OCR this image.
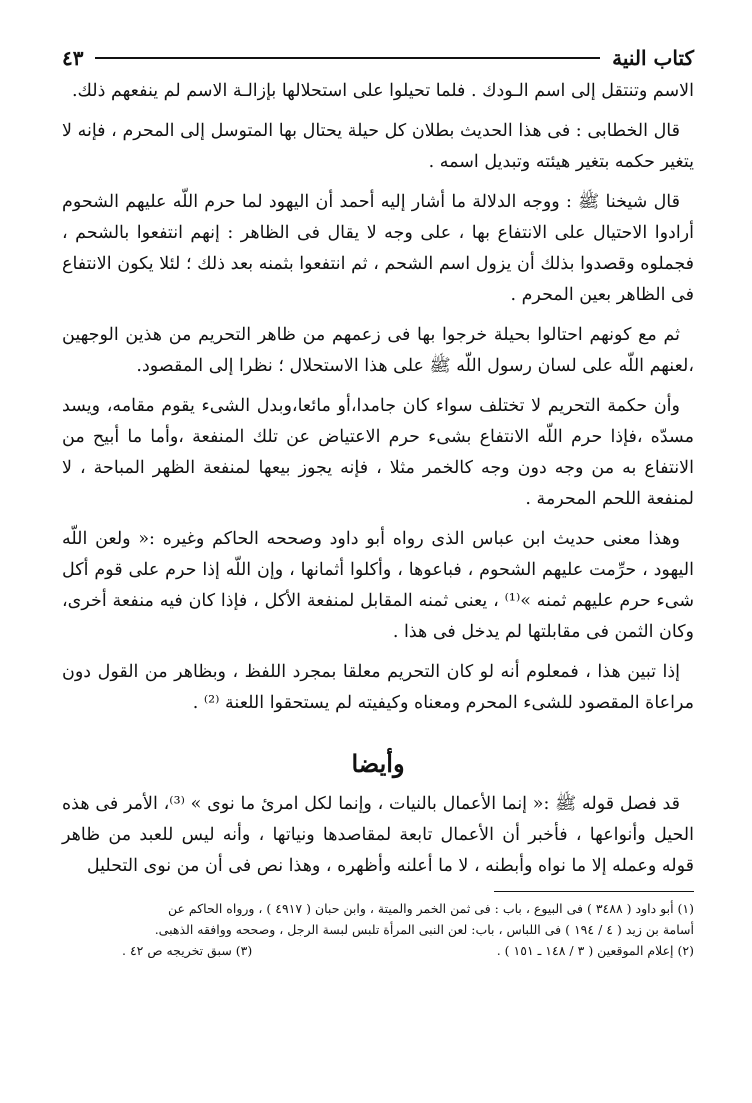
كتاب النية
٤٣

الاسم وتنتقل إلى اسم الـودك . فلما تحيلوا على استحلالها بإزالـة الاسم لم ينفعهم ذلك.

قال الخطابى : فى هذا الحديث بطلان كل حيلة يحتال بها المتوسل إلى المحرم ، فإنه لا يتغير حكمه بتغير هيئته وتبديل اسمه .

قال شيخنا ﷺ : ووجه الدلالة ما أشار إليه أحمد أن اليهود لما حرم اللّه عليهم الشحوم أرادوا الاحتيال على الانتفاع بها ، على وجه لا يقال فى الظاهر : إنهم انتفعوا بالشحم ، فجملوه وقصدوا بذلك أن يزول اسم الشحم ، ثم انتفعوا بثمنه بعد ذلك ؛ لئلا يكون الانتفاع فى الظاهر بعين المحرم .

ثم مع كونهم احتالوا بحيلة خرجوا بها فى زعمهم من ظاهر التحريم من هذين الوجهين ،لعنهم اللّه على لسان رسول اللّه ﷺ على هذا الاستحلال ؛ نظرا إلى المقصود.

وأن حكمة التحريم لا تختلف سواء كان جامدا،أو مائعا،وبدل الشىء يقوم مقامه، ويسد مسدّه ،فإذا حرم اللّه الانتفاع بشىء حرم الاعتياض عن تلك المنفعة ،وأما ما أبيح من الانتفاع به من وجه دون وجه كالخمر مثلا ، فإنه يجوز بيعها لمنفعة الظهر المباحة ، لا لمنفعة اللحم المحرمة .

وهذا معنى حديث ابن عباس الذى رواه أبو داود وصححه الحاكم وغيره :« ولعن اللّه اليهود ، حرِّمت عليهم الشحوم ، فباعوها ، وأكلوا أثمانها ، وإن اللّه إذا حرم على قوم أكل شىء حرم عليهم ثمنه »⁽¹⁾ ، يعنى ثمنه المقابل لمنفعة الأكل ، فإذا كان فيه منفعة أخرى، وكان الثمن فى مقابلتها لم يدخل فى هذا .

إذا تبين هذا ، فمعلوم أنه لو كان التحريم معلقا بمجرد اللفظ ، وبظاهر من القول دون مراعاة المقصود للشىء المحرم ومعناه وكيفيته لم يستحقوا اللعنة ⁽²⁾ .

وأيضا

قد فصل قوله ﷺ :« إنما الأعمال بالنيات ، وإنما لكل امرئ ما نوى » ⁽³⁾، الأمر فى هذه الحيل وأنواعها ، فأخبر أن الأعمال تابعة لمقاصدها ونياتها ، وأنه ليس للعبد من ظاهر قوله وعمله إلا ما نواه وأبطنه ، لا ما أعلنه وأظهره ، وهذا نص فى أن من نوى التحليل

(١) أبو داود ( ٣٤٨٨ ) فى البيوع ، باب : فى ثمن الخمر والميتة ، وابن حبان ( ٤٩١٧ ) ، ورواه الحاكم عن
أسامة بن زيد ( ٤ / ١٩٤ ) فى اللباس ، باب: لعن النبى المرأة تلبس لبسة الرجل ، وصححه ووافقه الذهبى.
(٢) إعلام الموقعين ( ٣ / ١٤٨ ـ ١٥١ ) .
(٣) سبق تخريجه ص ٤٢ .
